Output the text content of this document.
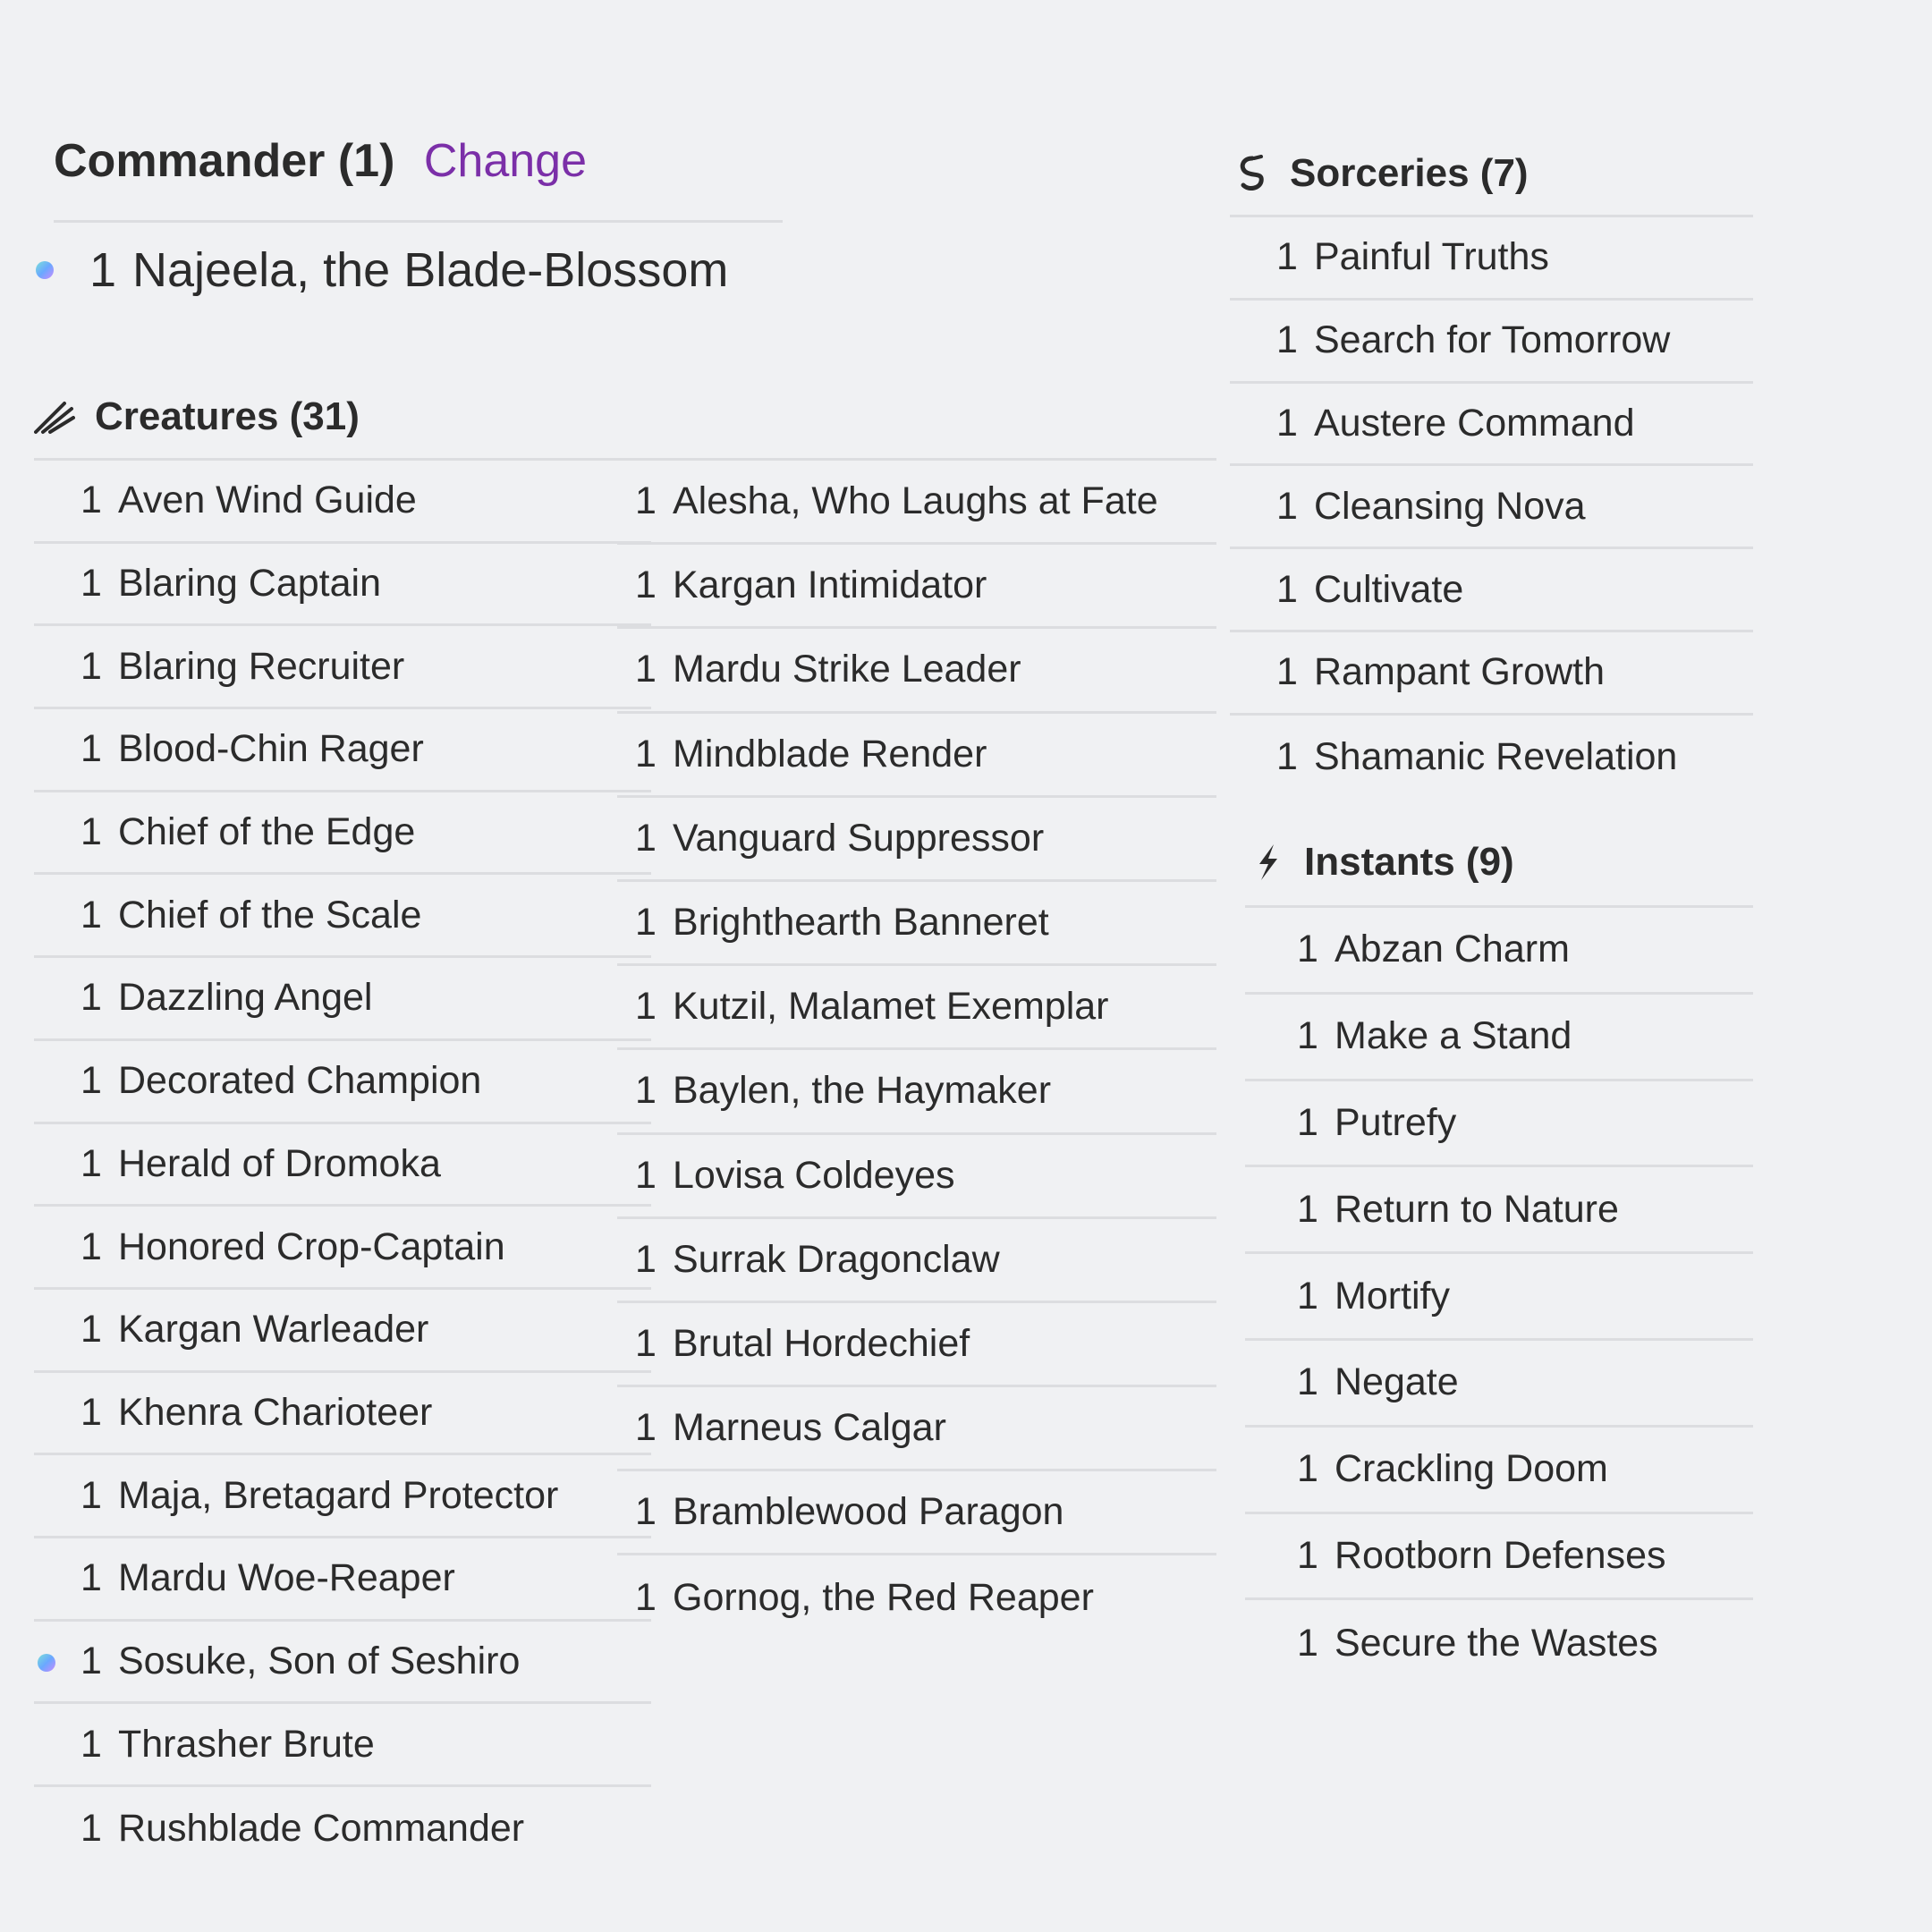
Commander (1) Change
1 Najeela, the Blade-Blossom
Creatures (31)
1 Aven Wind Guide
1 Blaring Captain
1 Blaring Recruiter
1 Blood-Chin Rager
1 Chief of the Edge
1 Chief of the Scale
1 Dazzling Angel
1 Decorated Champion
1 Herald of Dromoka
1 Honored Crop-Captain
1 Kargan Warleader
1 Khenra Charioteer
1 Maja, Bretagard Protector
1 Mardu Woe-Reaper
1 Sosuke, Son of Seshiro
1 Thrasher Brute
1 Rushblade Commander
1 Alesha, Who Laughs at Fate
1 Kargan Intimidator
1 Mardu Strike Leader
1 Mindblade Render
1 Vanguard Suppressor
1 Brighthearth Banneret
1 Kutzil, Malamet Exemplar
1 Baylen, the Haymaker
1 Lovisa Coldeyes
1 Surrak Dragonclaw
1 Brutal Hordechief
1 Marneus Calgar
1 Bramblewood Paragon
1 Gornog, the Red Reaper
Sorceries (7)
1 Painful Truths
1 Search for Tomorrow
1 Austere Command
1 Cleansing Nova
1 Cultivate
1 Rampant Growth
1 Shamanic Revelation
Instants (9)
1 Abzan Charm
1 Make a Stand
1 Putrefy
1 Return to Nature
1 Mortify
1 Negate
1 Crackling Doom
1 Rootborn Defenses
1 Secure the Wastes
